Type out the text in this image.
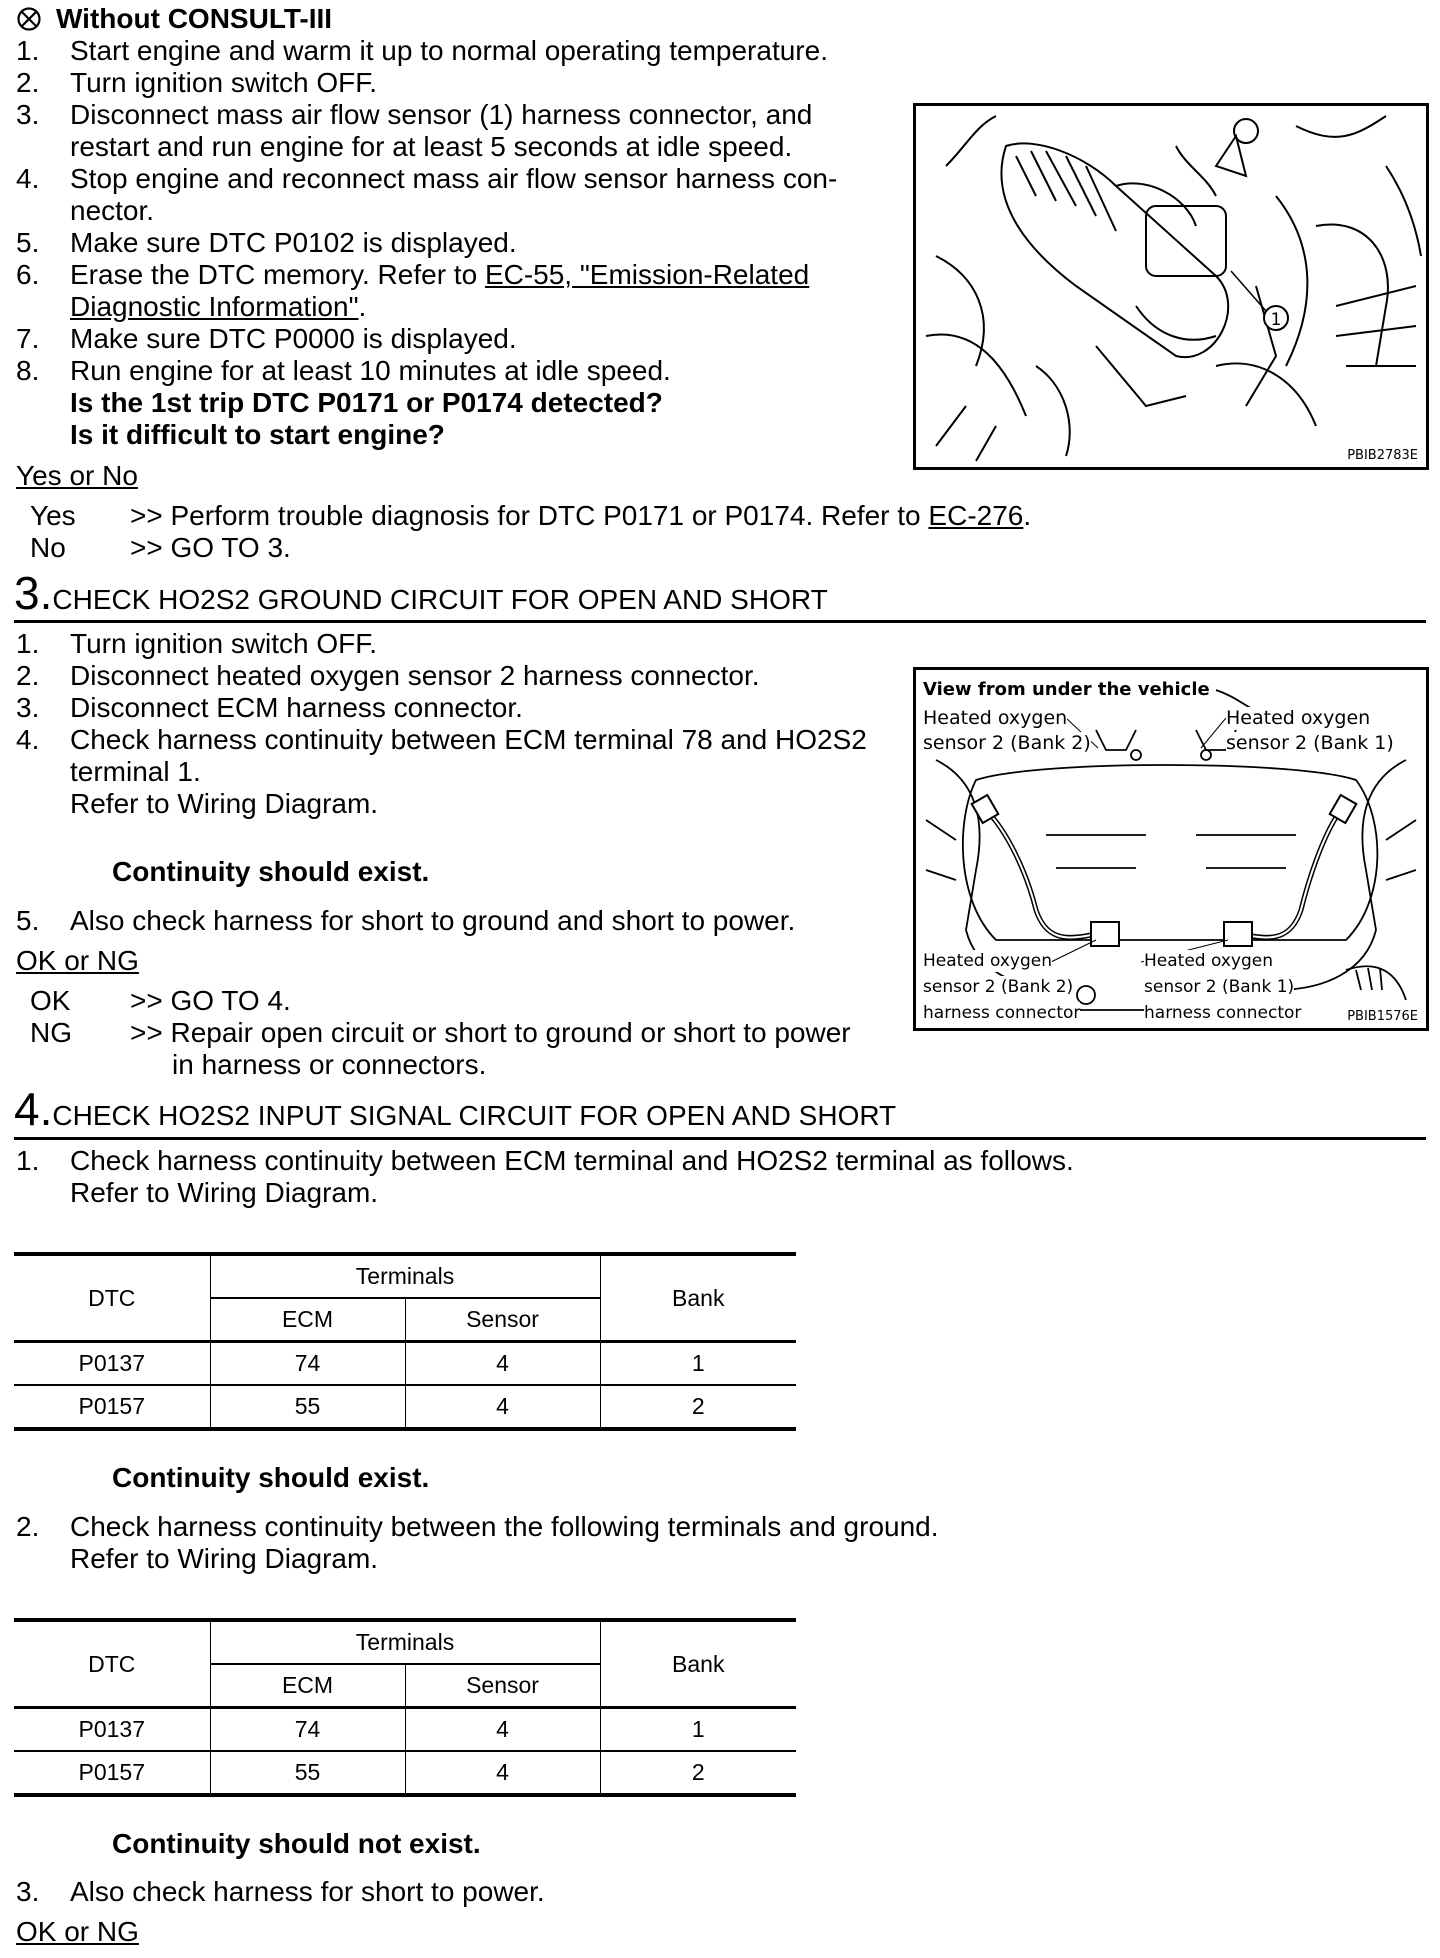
Without CONSULT-III
1.	Start engine and warm it up to normal operating temperature.
2.	Turn ignition switch OFF.
3.	Disconnect mass air flow sensor (1) harness connector, and
restart and run engine for at least 5 seconds at idle speed.
4.	Stop engine and reconnect mass air flow sensor harness con-
nector.
5.	Make sure DTC P0102 is displayed.
6.	Erase the DTC memory. Refer to EC-55, "Emission-Related
Diagnostic Information".
7.	Make sure DTC P0000 is displayed.
8.	Run engine for at least 10 minutes at idle speed.
Is the 1st trip DTC P0171 or P0174 detected?
Is it difficult to start engine?
Yes or No
Yes >> Perform trouble diagnosis for DTC P0171 or P0174. Refer to EC-276.
No >> GO TO 3.
1
PBIB2783E
3.CHECK HO2S2 GROUND CIRCUIT FOR OPEN AND SHORT
1.	Turn ignition switch OFF.
2.	Disconnect heated oxygen sensor 2 harness connector.
3.	Disconnect ECM harness connector.
4.	Check harness continuity between ECM terminal 78 and HO2S2
terminal 1.
Refer to Wiring Diagram.
Continuity should exist.
5.	Also check harness for short to ground and short to power.
OK or NG
OK >> GO TO 4.
NG >> Repair open circuit or short to ground or short to power
in harness or connectors.
View from under the vehicle
Heated oxygen
sensor 2 (Bank 2)
Heated oxygen
sensor 2 (Bank 1)
Heated oxygen
sensor 2 (Bank 2)
harness connector
Heated oxygen
sensor 2 (Bank 1)
harness connector	PBIB1576E
4.CHECK HO2S2 INPUT SIGNAL CIRCUIT FOR OPEN AND SHORT
1.	Check harness continuity between ECM terminal and HO2S2 terminal as follows.
Refer to Wiring Diagram.
DTC	Terminals		Bank
	ECM	Sensor	
P0137	74	4	1
P0157	55	4	2
Continuity should exist.
2.	Check harness continuity between the following terminals and ground.
Refer to Wiring Diagram.
DTC	Terminals		Bank
	ECM	Sensor	
P0137	74	4	1
P0157	55	4	2
Continuity should not exist.
3.	Also check harness for short to power.
OK or NG
